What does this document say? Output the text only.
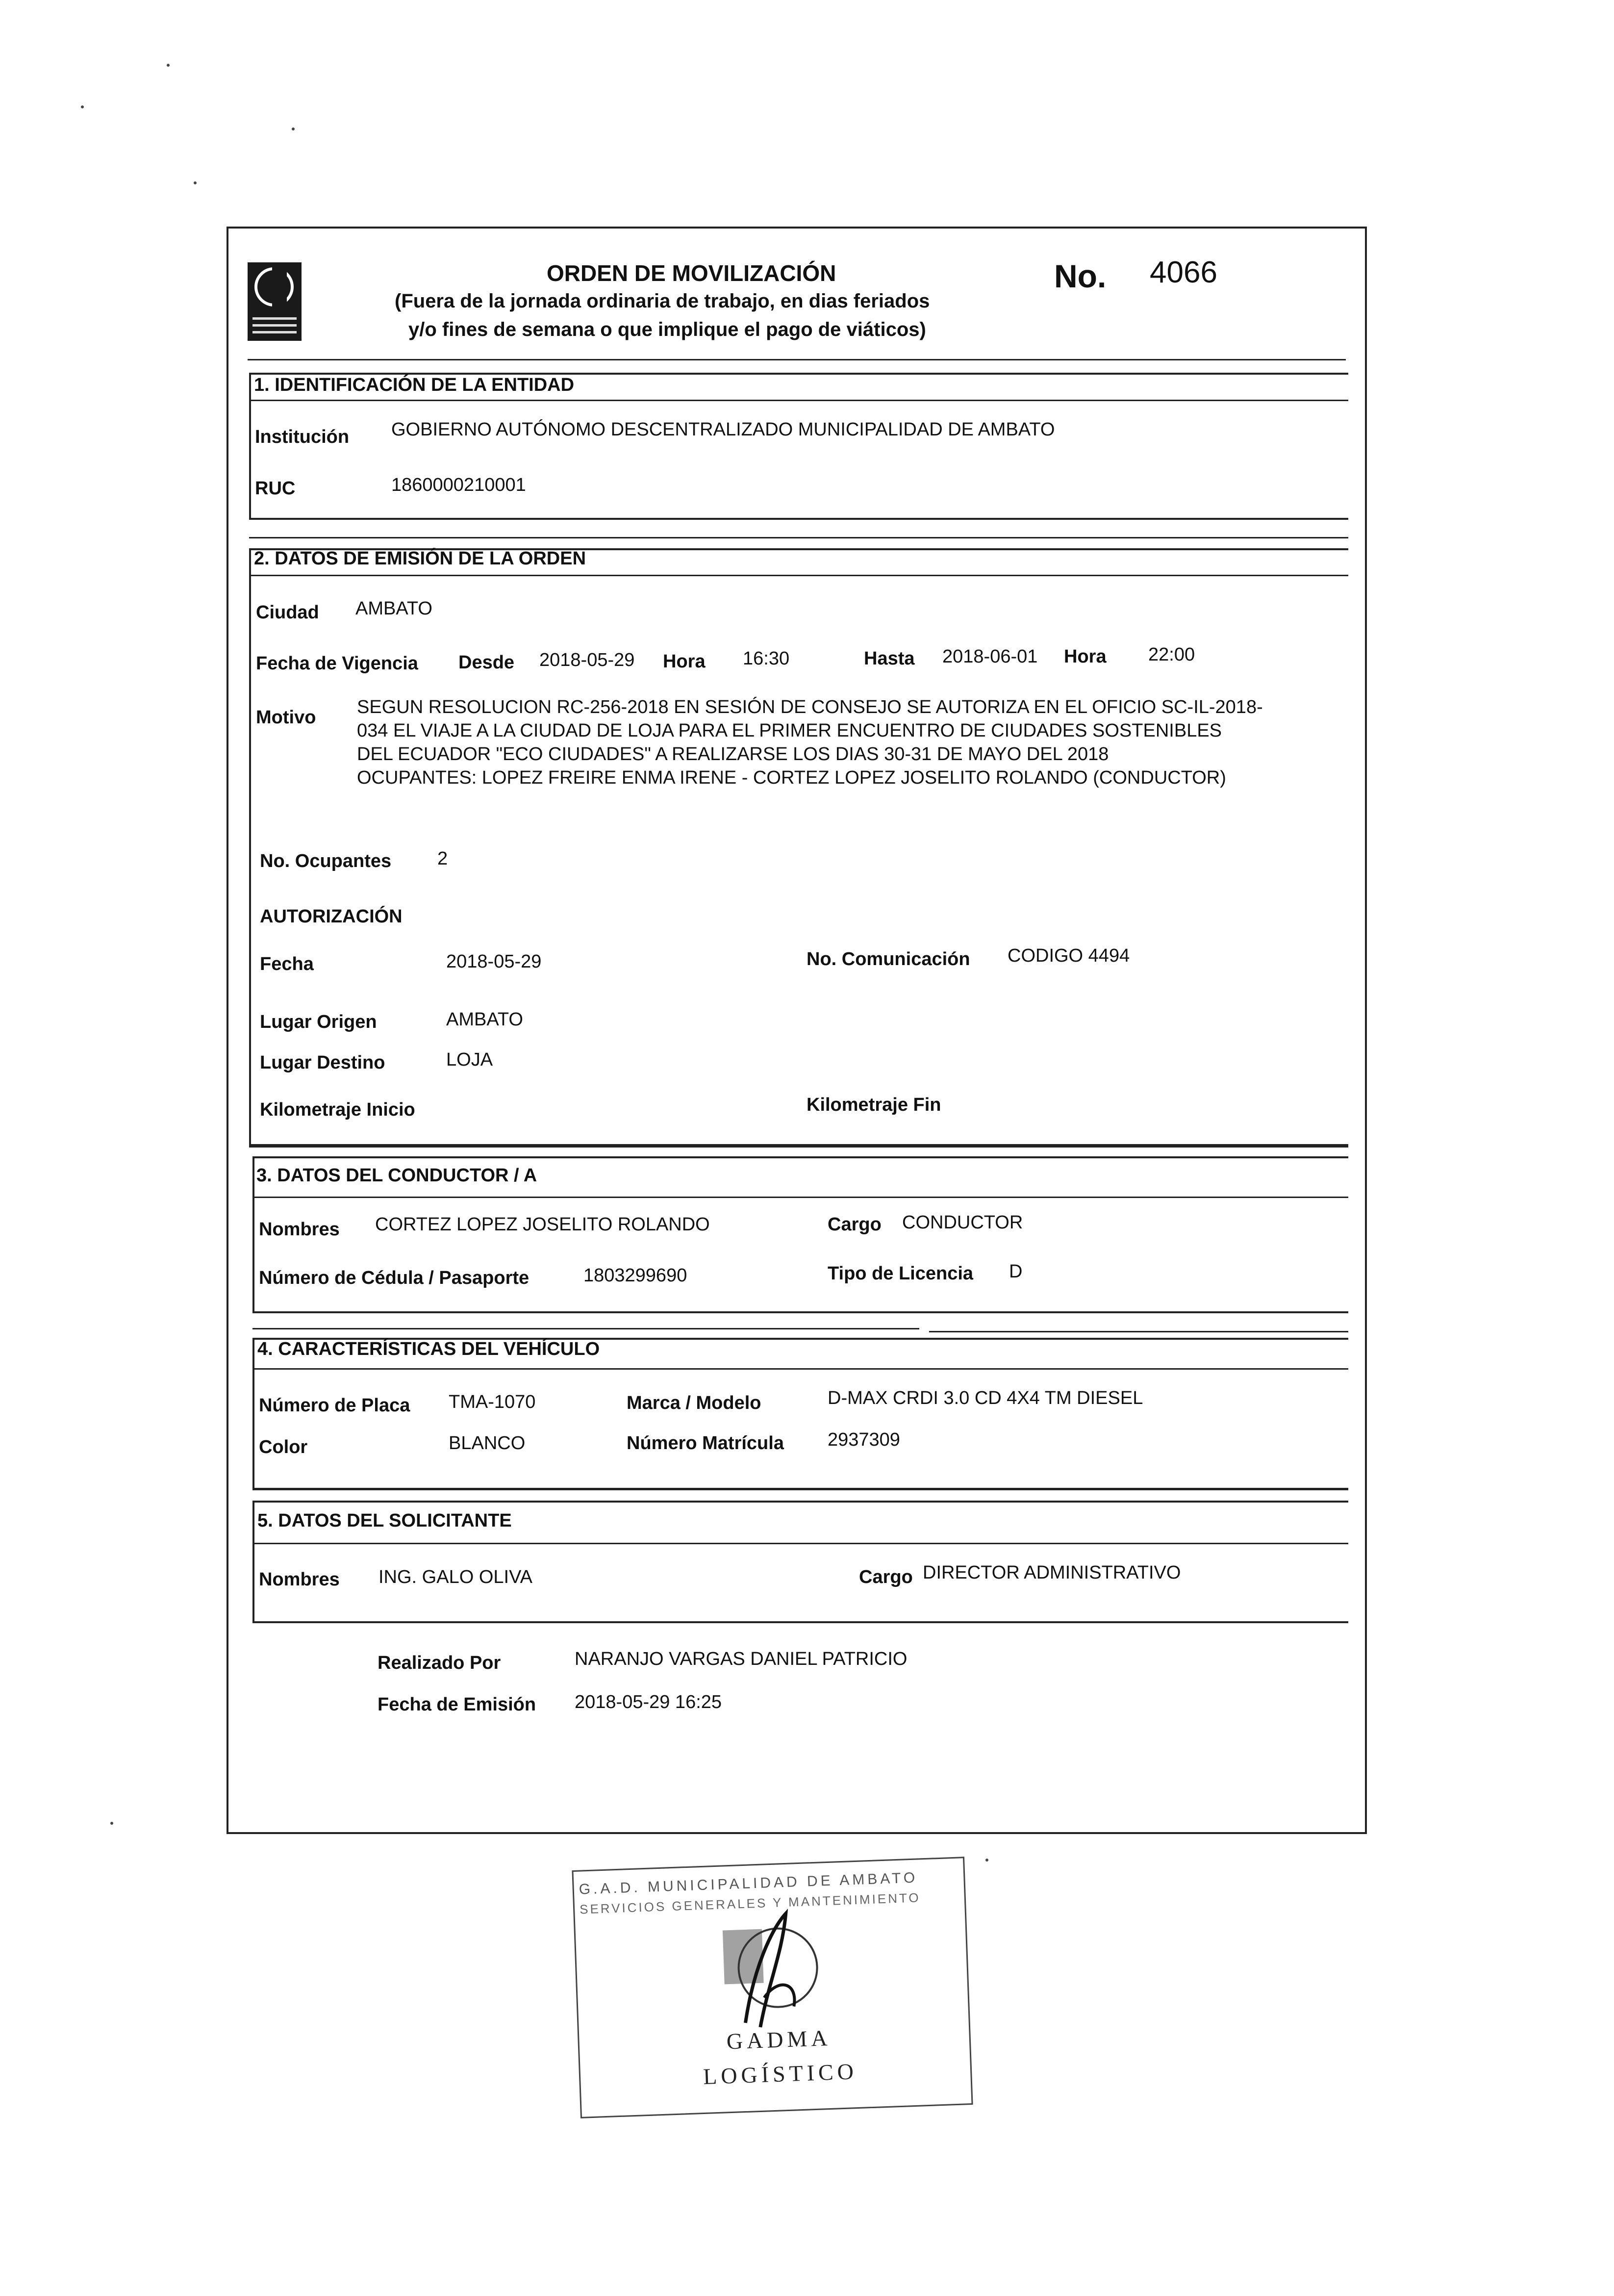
ORDEN DE MOVILIZACIÓN
(Fuera de la jornada ordinaria de trabajo, en dias feriados
y/o fines de semana o que implique el pago de viáticos)
No. 4066
1. IDENTIFICACIÓN DE LA ENTIDAD
Institución GOBIERNO AUTÓNOMO DESCENTRALIZADO MUNICIPALIDAD DE AMBATO
RUC	1860000210001
2. DATOS DE EMISIÓN DE LA ORDEN
Ciudad AMBATO
Fecha de Vigencia Desde 2018-05-29 Hora 16:30	Hasta 2018-06-01 Hora 22:00
Motivo SEGUN RESOLUCION RC-256-2018 EN SESIÓN DE CONSEJO SE AUTORIZA EN EL OFICIO SC-IL-2018-
034 EL VIAJE A LA CIUDAD DE LOJA PARA EL PRIMER ENCUENTRO DE CIUDADES SOSTENIBLES
DEL ECUADOR "ECO CIUDADES" A REALIZARSE LOS DIAS 30-31 DE MAYO DEL 2018
OCUPANTES: LOPEZ FREIRE ENMA IRENE - CORTEZ LOPEZ JOSELITO ROLANDO (CONDUCTOR)
No. Ocupantes 2
AUTORIZACIÓN
Fecha	2018-05-29	No. Comunicación CODIGO 4494
Lugar Origen	AMBATO
Lugar Destino	LOJA
Kilometraje Inicio	Kilometraje Fin
3. DATOS DEL CONDUCTOR / A
Nombres CORTEZ LOPEZ JOSELITO ROLANDO	Cargo CONDUCTOR
Número de Cédula / Pasaporte	1803299690	Tipo de Licencia D
4. CARACTERÍSTICAS DEL VEHÍCULO
Número de Placa TMA-1070	Marca / Modelo	D-MAX CRDI 3.0 CD 4X4 TM DIESEL
Color	BLANCO	Número Matrícula 2937309
5. DATOS DEL SOLICITANTE
Nombres ING. GALO OLIVA	Cargo DIRECTOR ADMINISTRATIVO
Realizado Por	NARANJO VARGAS DANIEL PATRICIO
Fecha de Emisión 2018-05-29 16:25
G.A.D. MUNICIPALIDAD DE AMBATO
SERVICIOS GENERALES Y MANTENIMIENTO
GADMA
LOGÍSTICO
